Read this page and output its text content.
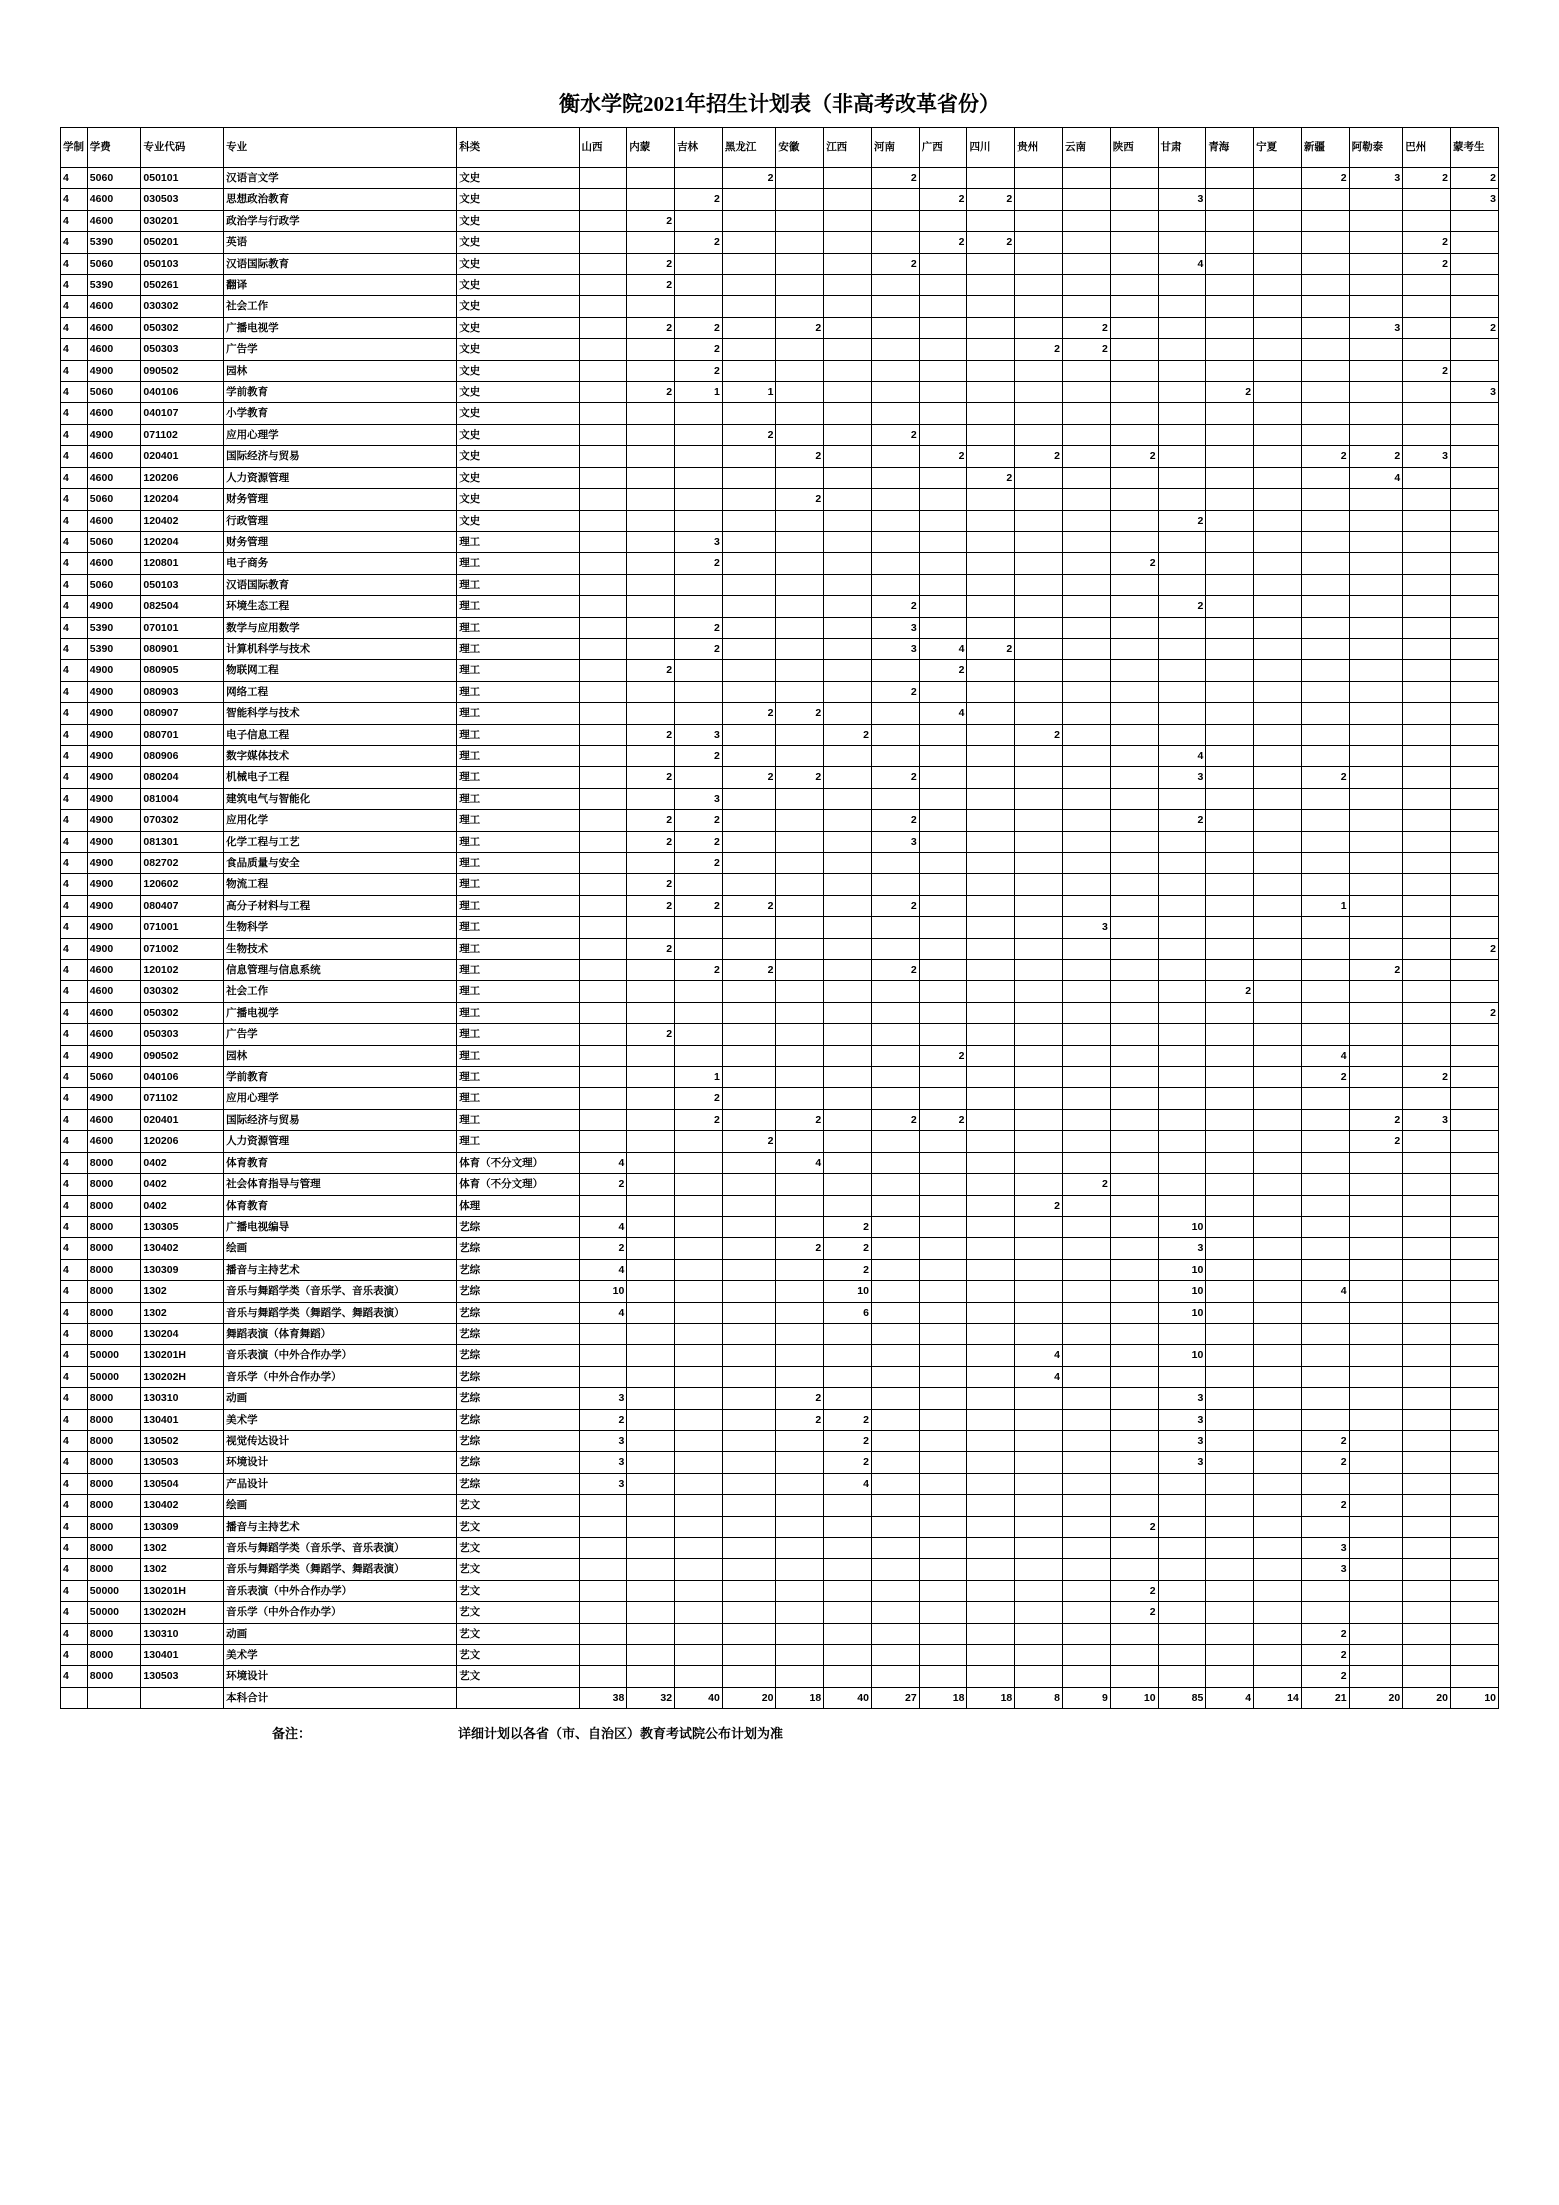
衡水学院2021年招生计划表（非高考改革省份）
学制	学费	专业代码	专业	科类	山西	内蒙	吉林	黑龙江	安徽	江西	河南	广西	四川	贵州	云南	陕西	甘肃	青海	宁夏	新疆	阿勒泰	巴州	蒙考生
4	5060	050101	汉语言文学	文史				2			2									2	3	2	2
4	4600	030503	思想政治教育	文史			2					2	2				3						3
4	4600	030201	政治学与行政学	文史		2																	
4	5390	050201	英语	文史			2					2	2									2	
4	5060	050103	汉语国际教育	文史		2					2						4					2	
4	5390	050261	翻译	文史		2																	
4	4600	030302	社会工作	文史																			
4	4600	050302	广播电视学	文史		2	2		2						2						3		2
4	4600	050303	广告学	文史			2							2	2								
4	4900	090502	园林	文史			2															2	
4	5060	040106	学前教育	文史		2	1	1										2					3
4	4600	040107	小学教育	文史																			
4	4900	071102	应用心理学	文史				2			2												
4	4600	020401	国际经济与贸易	文史					2			2		2		2				2	2	3	
4	4600	120206	人力资源管理	文史									2								4		
4	5060	120204	财务管理	文史					2														
4	4600	120402	行政管理	文史													2						
4	5060	120204	财务管理	理工			3																
4	4600	120801	电子商务	理工			2									2							
4	5060	050103	汉语国际教育	理工																			
4	4900	082504	环境生态工程	理工							2						2						
4	5390	070101	数学与应用数学	理工			2				3												
4	5390	080901	计算机科学与技术	理工			2				3	4	2										
4	4900	080905	物联网工程	理工		2						2											
4	4900	080903	网络工程	理工							2												
4	4900	080907	智能科学与技术	理工				2	2			4											
4	4900	080701	电子信息工程	理工		2	3			2				2									
4	4900	080906	数字媒体技术	理工			2										4						
4	4900	080204	机械电子工程	理工		2		2	2		2						3			2			
4	4900	081004	建筑电气与智能化	理工			3																
4	4900	070302	应用化学	理工		2	2				2						2						
4	4900	081301	化学工程与工艺	理工		2	2				3												
4	4900	082702	食品质量与安全	理工			2																
4	4900	120602	物流工程	理工		2																	
4	4900	080407	高分子材料与工程	理工		2	2	2			2									1			
4	4900	071001	生物科学	理工											3								
4	4900	071002	生物技术	理工		2																	2
4	4600	120102	信息管理与信息系统	理工			2	2			2										2		
4	4600	030302	社会工作	理工														2					
4	4600	050302	广播电视学	理工																			2
4	4600	050303	广告学	理工		2																	
4	4900	090502	园林	理工								2								4			
4	5060	040106	学前教育	理工			1													2		2	
4	4900	071102	应用心理学	理工			2																
4	4600	020401	国际经济与贸易	理工			2		2		2	2									2	3	
4	4600	120206	人力资源管理	理工				2													2		
4	8000	0402	体育教育	体育（不分文理）	4				4														
4	8000	0402	社会体育指导与管理	体育（不分文理）	2										2								
4	8000	0402	体育教育	体理										2									
4	8000	130305	广播电视编导	艺综	4					2							10						
4	8000	130402	绘画	艺综	2				2	2							3						
4	8000	130309	播音与主持艺术	艺综	4					2							10						
4	8000	1302	音乐与舞蹈学类（音乐学、音乐表演）	艺综	10					10							10			4			
4	8000	1302	音乐与舞蹈学类（舞蹈学、舞蹈表演）	艺综	4					6							10						
4	8000	130204	舞蹈表演（体育舞蹈）	艺综																			
4	50000	130201H	音乐表演（中外合作办学）	艺综										4			10						
4	50000	130202H	音乐学（中外合作办学）	艺综										4									
4	8000	130310	动画	艺综	3				2								3						
4	8000	130401	美术学	艺综	2				2	2							3						
4	8000	130502	视觉传达设计	艺综	3					2							3			2			
4	8000	130503	环境设计	艺综	3					2							3			2			
4	8000	130504	产品设计	艺综	3					4													
4	8000	130402	绘画	艺文																2			
4	8000	130309	播音与主持艺术	艺文												2							
4	8000	1302	音乐与舞蹈学类（音乐学、音乐表演）	艺文																3			
4	8000	1302	音乐与舞蹈学类（舞蹈学、舞蹈表演）	艺文																3			
4	50000	130201H	音乐表演（中外合作办学）	艺文												2							
4	50000	130202H	音乐学（中外合作办学）	艺文												2							
4	8000	130310	动画	艺文																2			
4	8000	130401	美术学	艺文																2			
4	8000	130503	环境设计	艺文																2			
			本科合计		38	32	40	20	18	40	27	18	18	8	9	10	85	4	14	21	20	20	10
备注：	详细计划以各省（市、自治区）教育考试院公布计划为准
